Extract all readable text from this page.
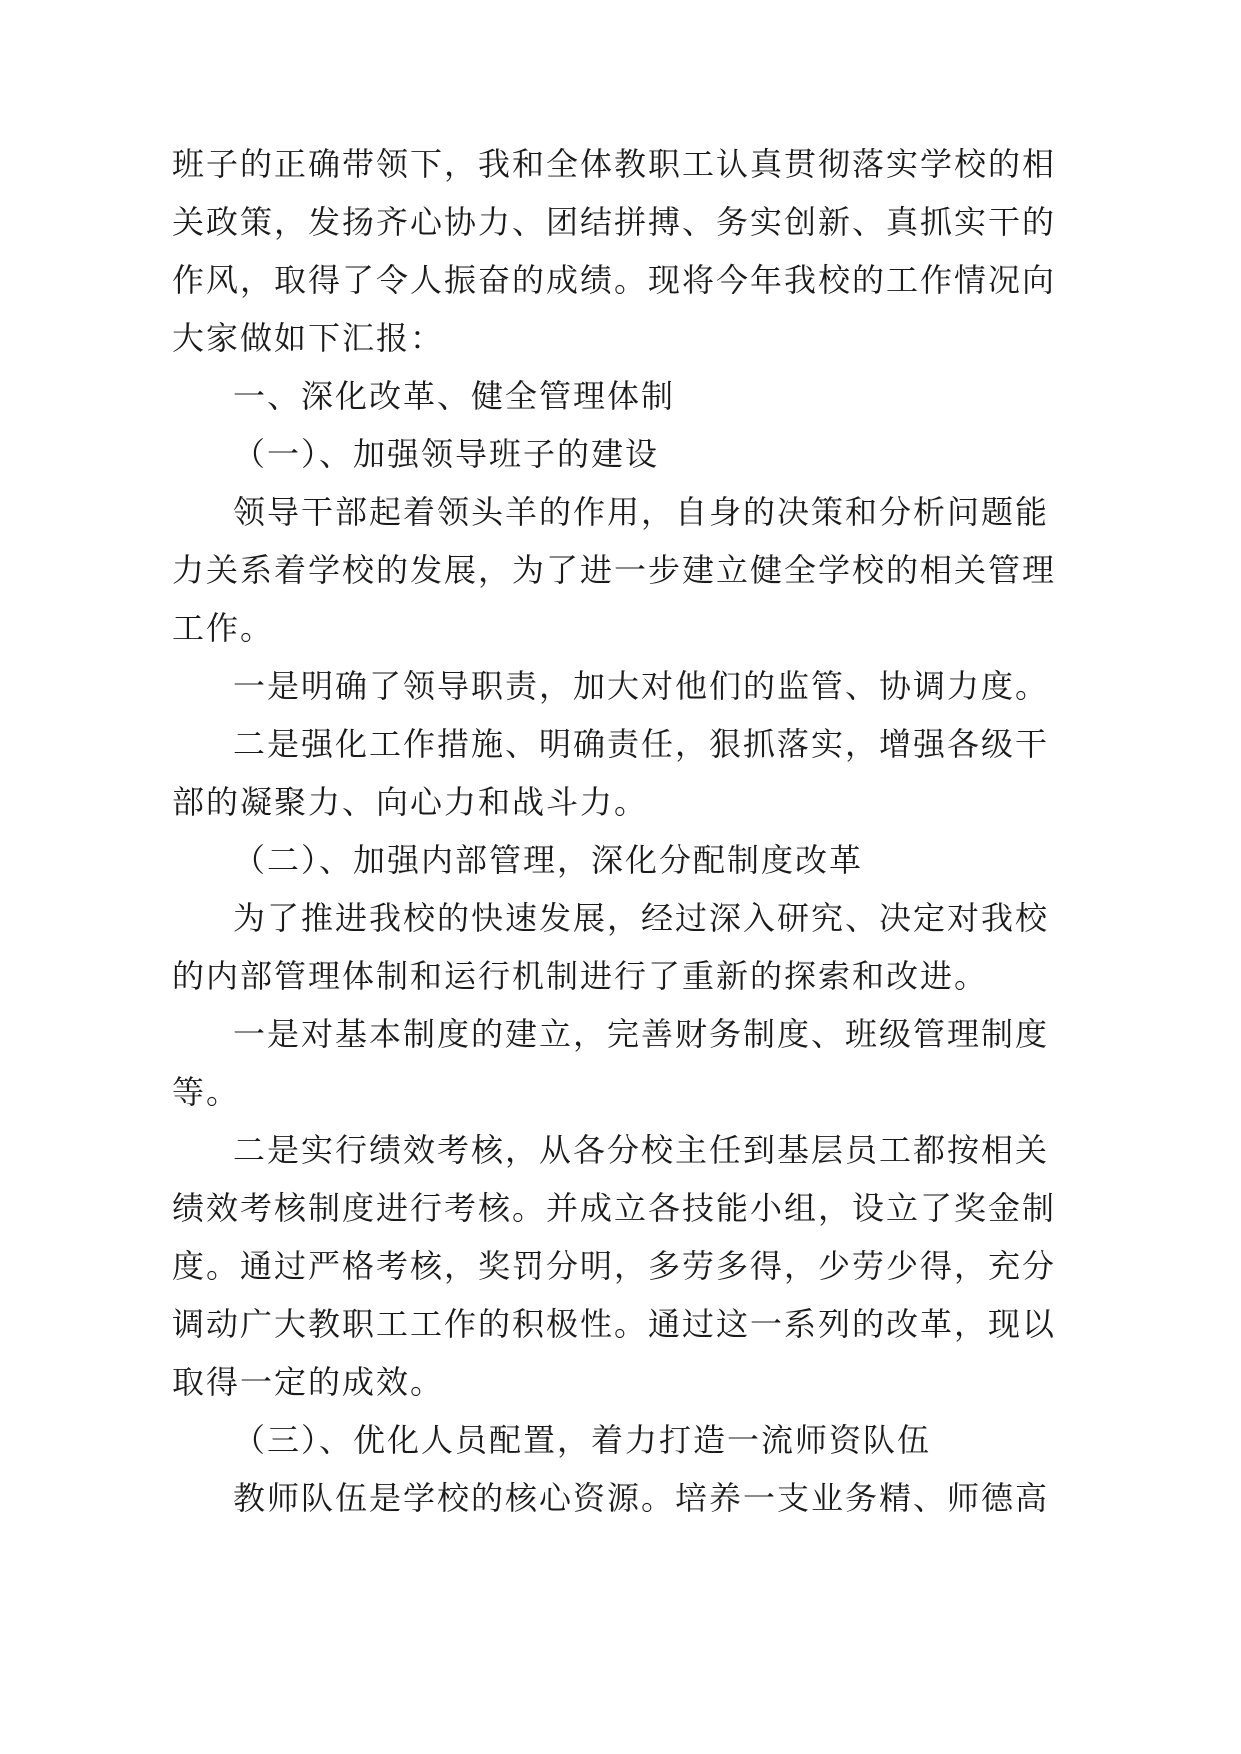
班子的正确带领下，我和全体教职工认真贯彻落实学校的相
关政策，发扬齐心协力、团结拼搏、务实创新、真抓实干的
作风，取得了令人振奋的成绩。现将今年我校的工作情况向
大家做如下汇报：
一、深化改革、健全管理体制
（一）、加强领导班子的建设
领导干部起着领头羊的作用，自身的决策和分析问题能
力关系着学校的发展，为了进一步建立健全学校的相关管理
工作。
一是明确了领导职责，加大对他们的监管、协调力度。
二是强化工作措施、明确责任，狠抓落实，增强各级干
部的凝聚力、向心力和战斗力。
（二）、加强内部管理，深化分配制度改革
为了推进我校的快速发展，经过深入研究、决定对我校
的内部管理体制和运行机制进行了重新的探索和改进。
一是对基本制度的建立，完善财务制度、班级管理制度
等。
二是实行绩效考核，从各分校主任到基层员工都按相关
绩效考核制度进行考核。并成立各技能小组，设立了奖金制
度。通过严格考核，奖罚分明，多劳多得，少劳少得，充分
调动广大教职工工作的积极性。通过这一系列的改革，现以
取得一定的成效。
（三）、优化人员配置，着力打造一流师资队伍
教师队伍是学校的核心资源。培养一支业务精、师德高
